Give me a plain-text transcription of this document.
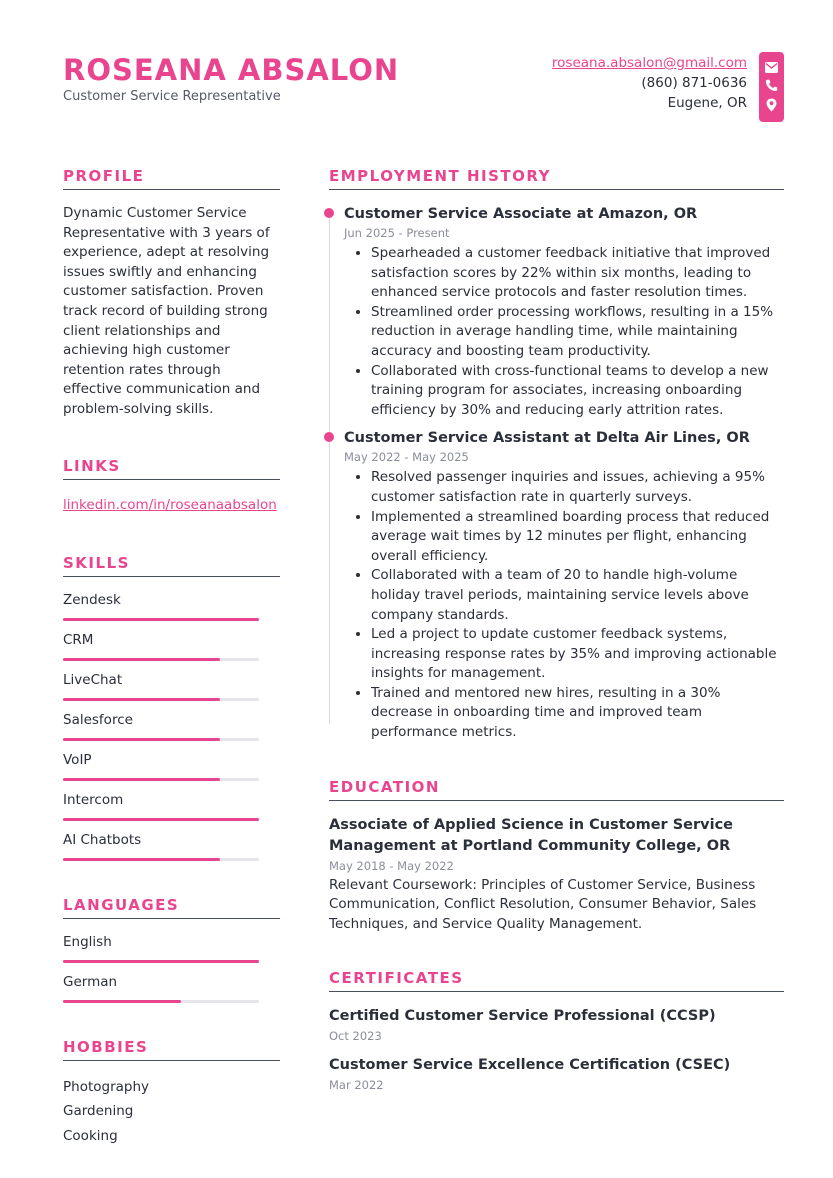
ROSEANA ABSALON
Customer Service Representative
roseana.absalon@gmail.com
(860) 871-0636
Eugene, OR
PROFILE
Dynamic Customer Service Representative with 3 years of experience, adept at resolving issues swiftly and enhancing customer satisfaction. Proven track record of building strong client relationships and achieving high customer retention rates through effective communication and problem-solving skills.
LINKS
linkedin.com/in/roseanaabsalon
SKILLS
Zendesk
CRM
LiveChat
Salesforce
VoIP
Intercom
AI Chatbots
LANGUAGES
English
German
HOBBIES
Photography
Gardening
Cooking
EMPLOYMENT HISTORY
Customer Service Associate at Amazon, OR
Jun 2025 - Present
• Spearheaded a customer feedback initiative that improved satisfaction scores by 22% within six months, leading to enhanced service protocols and faster resolution times.
• Streamlined order processing workflows, resulting in a 15% reduction in average handling time, while maintaining accuracy and boosting team productivity.
• Collaborated with cross-functional teams to develop a new training program for associates, increasing onboarding efficiency by 30% and reducing early attrition rates.
Customer Service Assistant at Delta Air Lines, OR
May 2022 - May 2025
• Resolved passenger inquiries and issues, achieving a 95% customer satisfaction rate in quarterly surveys.
• Implemented a streamlined boarding process that reduced average wait times by 12 minutes per flight, enhancing overall efficiency.
• Collaborated with a team of 20 to handle high-volume holiday travel periods, maintaining service levels above company standards.
• Led a project to update customer feedback systems, increasing response rates by 35% and improving actionable insights for management.
• Trained and mentored new hires, resulting in a 30% decrease in onboarding time and improved team performance metrics.
EDUCATION
Associate of Applied Science in Customer Service Management at Portland Community College, OR
May 2018 - May 2022
Relevant Coursework: Principles of Customer Service, Business Communication, Conflict Resolution, Consumer Behavior, Sales Techniques, and Service Quality Management.
CERTIFICATES
Certified Customer Service Professional (CCSP)
Oct 2023
Customer Service Excellence Certification (CSEC)
Mar 2022
